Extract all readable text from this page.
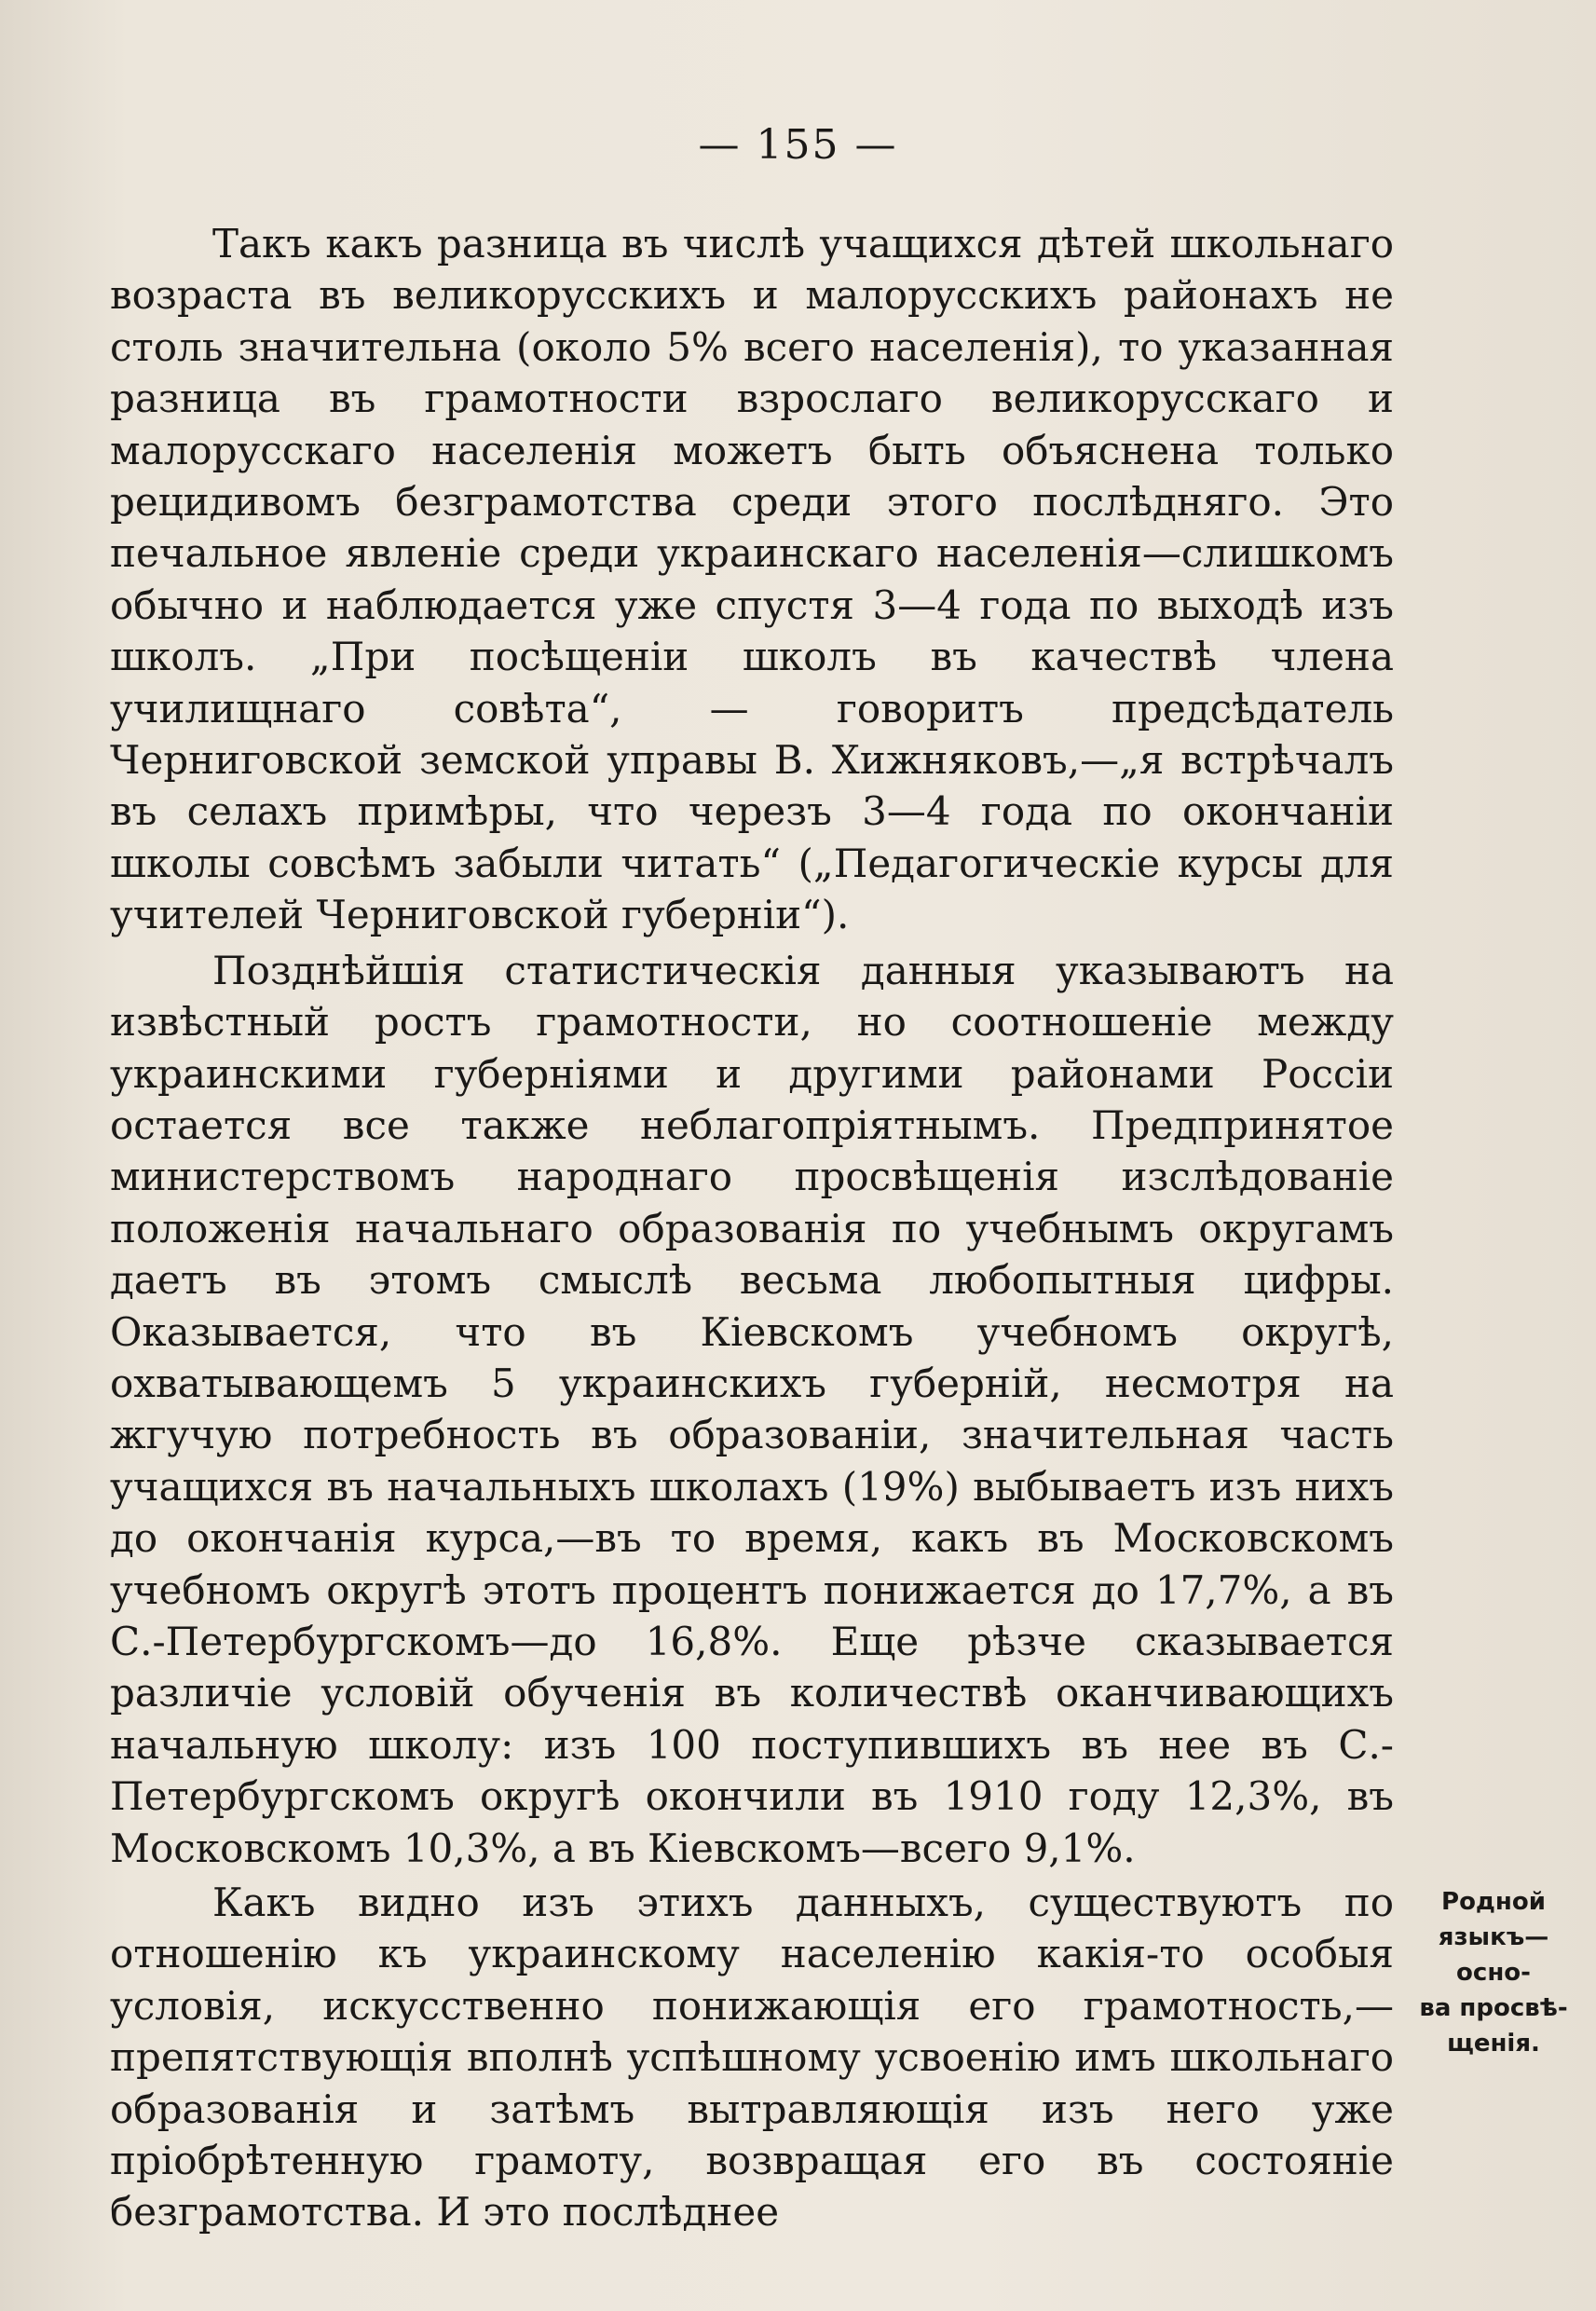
— 155 —

Такъ какъ разница въ числѣ учащихся дѣтей школьнаго возраста въ великорусскихъ и малорусскихъ районахъ не столь значительна (около 5% всего населенія), то указанная разница въ грамотности взрослаго великорусскаго и малорусскаго населенія можетъ быть объяснена только рецидивомъ безграмотства среди этого послѣдняго. Это печальное явленіе среди украинскаго населенія—слишкомъ обычно и наблюдается уже спустя 3—4 года по выходѣ изъ школъ. „При посѣщеніи школъ въ качествѣ члена училищнаго совѣта“, — говоритъ предсѣдатель Черниговской земской управы В. Хижняковъ,—„я встрѣчалъ въ селахъ примѣры, что черезъ 3—4 года по окончаніи школы совсѣмъ забыли читать“ („Педагогическіе курсы для учителей Черниговской губерніи“).

Позднѣйшія статистическія данныя указываютъ на извѣстный ростъ грамотности, но соотношеніе между украинскими губерніями и другими районами Россіи остается все также неблагопріятнымъ. Предпринятое министерствомъ народнаго просвѣщенія изслѣдованіе положенія начальнаго образованія по учебнымъ округамъ даетъ въ этомъ смыслѣ весьма любопытныя цифры. Оказывается, что въ Кіевскомъ учебномъ округѣ, охватывающемъ 5 украинскихъ губерній, несмотря на жгучую потребность въ образованіи, значительная часть учащихся въ начальныхъ школахъ (19%) выбываетъ изъ нихъ до окончанія курса,—въ то время, какъ въ Московскомъ учебномъ округѣ этотъ процентъ понижается до 17,7%, а въ С.-Петербургскомъ—до 16,8%. Еще рѣзче сказывается различіе условій обученія въ количествѣ оканчивающихъ начальную школу: изъ 100 поступившихъ въ нее въ С.-Петербургскомъ округѣ окончили въ 1910 году 12,3%, въ Московскомъ 10,3%, а въ Кіевскомъ—всего 9,1%.

Какъ видно изъ этихъ данныхъ, существуютъ по отношенію къ украинскому населенію какія-то особыя условія, искусственно понижающія его грамотность,—препятствующія вполнѣ успѣшному усвоенію имъ школьнаго образованія и затѣмъ вытравляющія изъ него уже пріобрѣтенную грамоту, возвращая его въ состояніе безграмотства. И это послѣднее

Родной
языкъ—осно-
ва просвѣ-
щенія.
